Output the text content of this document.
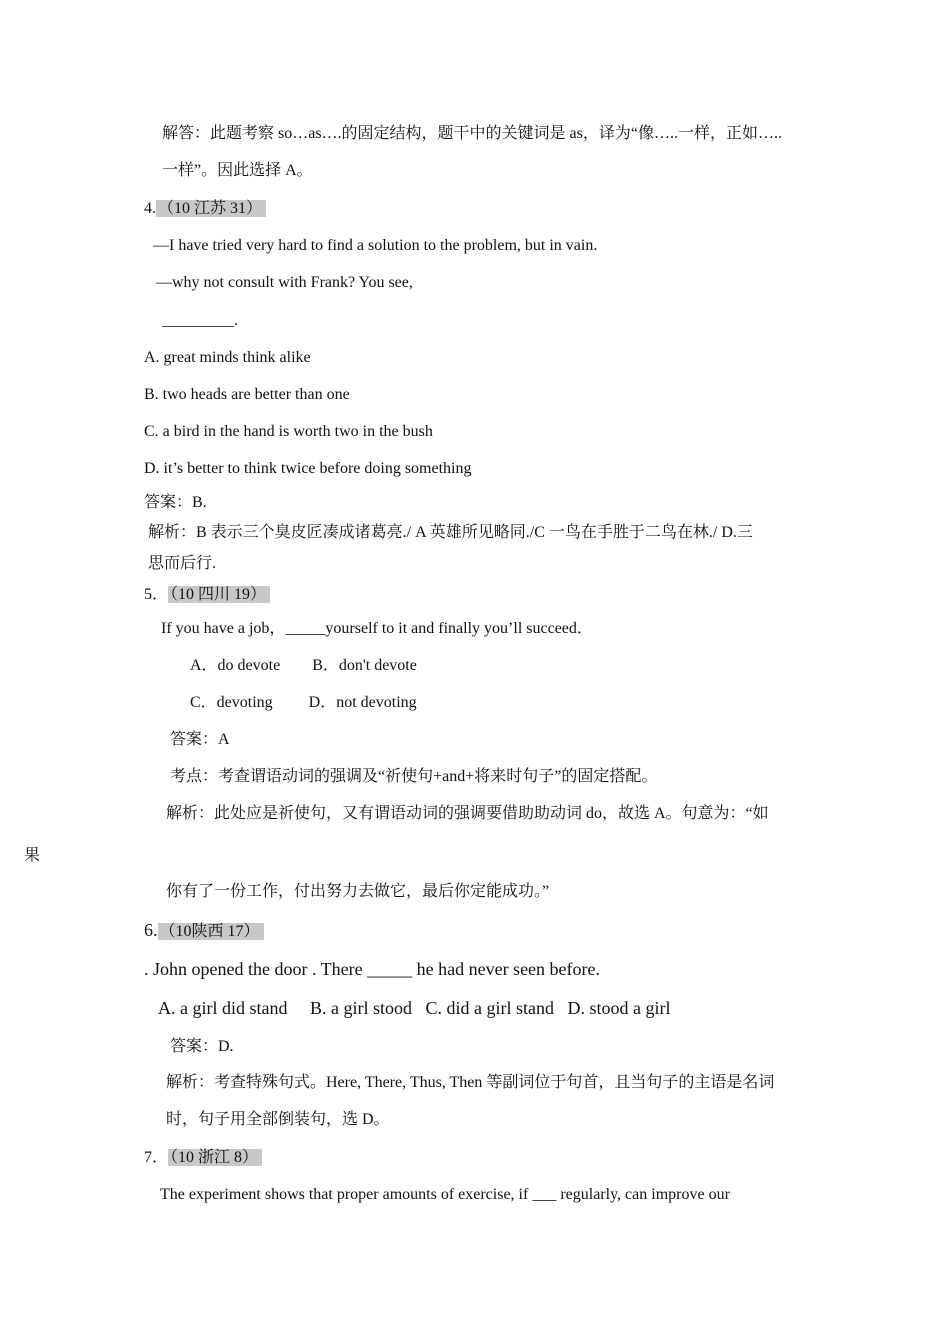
解答：此题考察 so…as….的固定结构，题干中的关键词是 as，译为“像…..一样，正如…..
一样”。因此选择 A。
4. （10 江苏 31）
—I have tried very hard to find a solution to the problem, but in vain.
—why not consult with Frank? You see,
_________.
A. great minds think alike
B. two heads are better than one
C. a bird in the hand is worth two in the bush
D. it’s better to think twice before doing something
答案：B.
解析：B 表示三个臭皮匠凑成诸葛亮./ A 英雄所见略同./C 一鸟在手胜于二鸟在林./ D.三
思而后行.
5． （10 四川 19）
If you have a job，_____yourself to it and finally you’ll succeed．
A．do devote        B．don't devote
C．devoting         D．not devoting
答案：A
考点：考查谓语动词的强调及“祈使句+and+将来时句子”的固定搭配。
解析：此处应是祈使句，又有谓语动词的强调要借助助动词 do，故选 A。句意为：“如
果
你有了一份工作，付出努力去做它，最后你定能成功。”
6. （10陕西 17）
. John opened the door . There _____ he had never seen before.
A. a girl did stand     B. a girl stood   C. did a girl stand   D. stood a girl
答案：D.
解析：考查特殊句式。Here, There, Thus, Then 等副词位于句首，且当句子的主语是名词
时，句子用全部倒装句，选 D。
7． （10 浙江 8）
The experiment shows that proper amounts of exercise, if ___ regularly, can improve our
